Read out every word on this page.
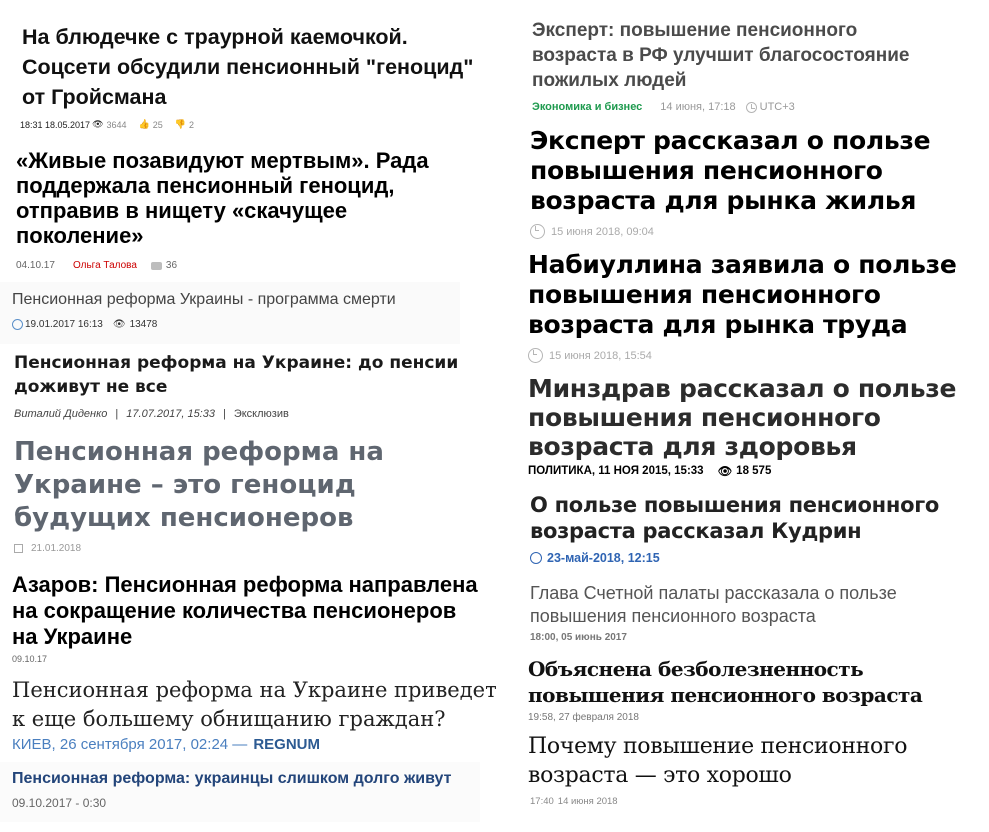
На блюдечке с траурной каемочкой. Соцсети обсудили пенсионный "геноцид" от Гройсмана
18:31 18.05.2017 👁 3644 👍 25 👎 2
«Живые позавидуют мертвым». Рада поддержала пенсионный геноцид, отправив в нищету «скачущее поколение»
04.10.17 Ольга Талова	36
Пенсионная реформа Украины - программа смерти
19.01.2017 16:13 👁 13478
Пенсионная реформа на Украине: до пенсии доживут не все
Виталий Диденко | 17.07.2017, 15:33 | Эксклюзив
Пенсионная реформа на Украине – это геноцид будущих пенсионеров
21.01.2018
Азаров: Пенсионная реформа направлена на сокращение количества пенсионеров на Украине
09.10.17
Пенсионная реформа на Украине приведет к еще большему обнищанию граждан?
КИЕВ, 26 сентября 2017, 02:24 — REGNUM
Пенсионная реформа: украинцы слишком долго живут
09.10.2017 - 0:30
Эксперт: повышение пенсионного возраста в РФ улучшит благосостояние пожилых людей
Экономика и бизнес 14 июня, 17:18 UTC+3
Эксперт рассказал о пользе повышения пенсионного возраста для рынка жилья
15 июня 2018, 09:04
Набиуллина заявила о пользе повышения пенсионного возраста для рынка труда
15 июня 2018, 15:54
Минздрав рассказал о пользе повышения пенсионного возраста для здоровья
ПОЛИТИКА, 11 НОЯ 2015, 15:33 👁 18 575
О пользе повышения пенсионного возраста рассказал Кудрин
23-май-2018, 12:15
Глава Счетной палаты рассказала о пользе повышения пенсионного возраста
18:00, 05 июнь 2017
Объяснена безболезненность повышения пенсионного возраста
19:58, 27 февраля 2018
Почему повышение пенсионного возраста — это хорошо
17:40 14 июня 2018
